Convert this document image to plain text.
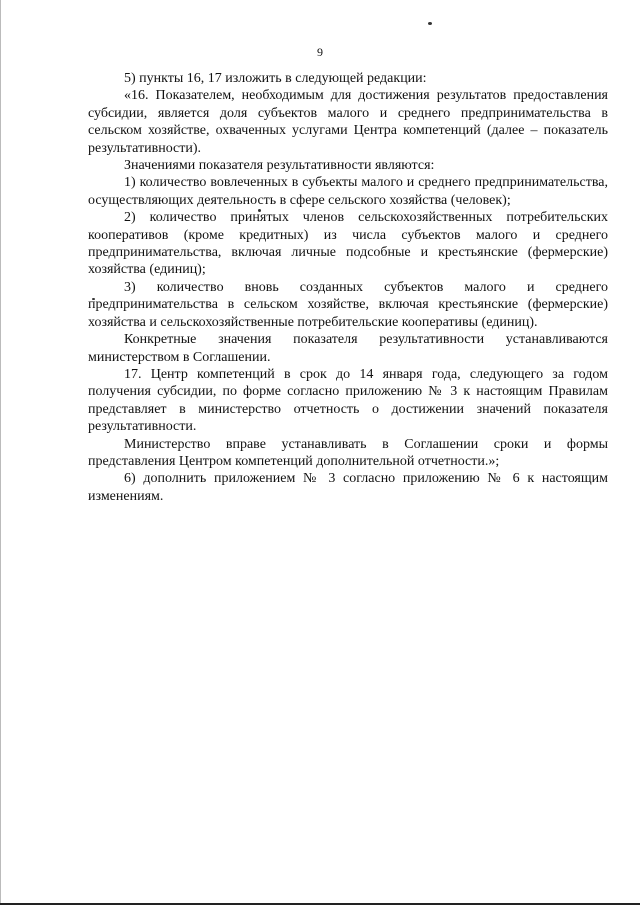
9

5) пункты 16, 17 изложить в следующей редакции:

«16. Показателем, необходимым для достижения результатов предоставления субсидии, является доля субъектов малого и среднего предпринимательства в сельском хозяйстве, охваченных услугами Центра компетенций (далее – показатель результативности).

Значениями показателя результативности являются:

1) количество вовлеченных в субъекты малого и среднего предпринимательства, осуществляющих деятельность в сфере сельского хозяйства (человек);

2) количество принятых членов сельскохозяйственных потребительских кооперативов (кроме кредитных) из числа субъектов малого и среднего предпринимательства, включая личные подсобные и крестьянские (фермерские) хозяйства (единиц);

3) количество вновь созданных субъектов малого и среднего предпринимательства в сельском хозяйстве, включая крестьянские (фермерские) хозяйства и сельскохозяйственные потребительские кооперативы (единиц).

Конкретные значения показателя результативности устанавливаются министерством в Соглашении.

17. Центр компетенций в срок до 14 января года, следующего за годом получения субсидии, по форме согласно приложению № 3 к настоящим Правилам представляет в министерство отчетность о достижении значений показателя результативности.

Министерство вправе устанавливать в Соглашении сроки и формы представления Центром компетенций дополнительной отчетности.»;

6) дополнить приложением № 3 согласно приложению № 6 к настоящим изменениям.
